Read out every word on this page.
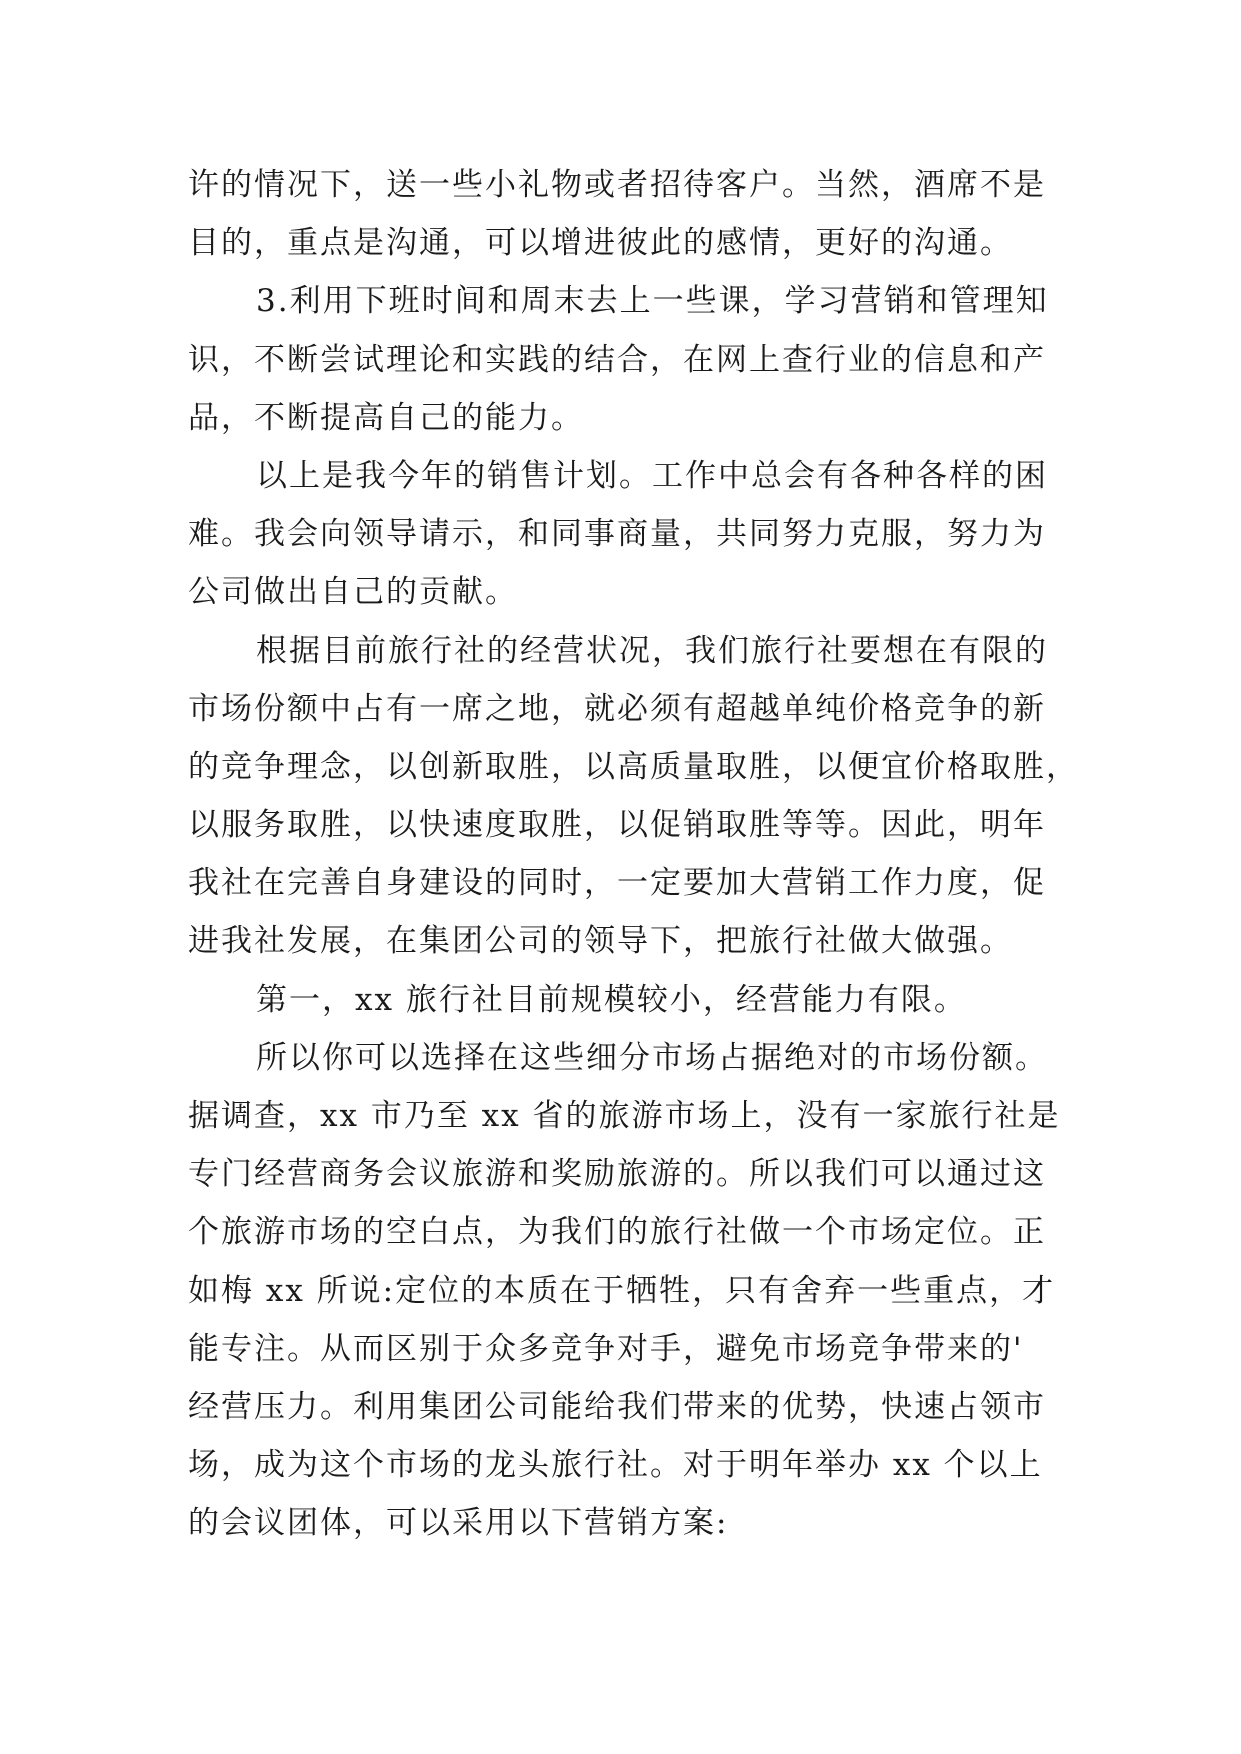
许的情况下，送一些小礼物或者招待客户。当然，酒席不是
目的，重点是沟通，可以增进彼此的感情，更好的沟通。
3.利用下班时间和周末去上一些课，学习营销和管理知
识，不断尝试理论和实践的结合，在网上查行业的信息和产
品，不断提高自己的能力。
以上是我今年的销售计划。工作中总会有各种各样的困
难。我会向领导请示，和同事商量，共同努力克服，努力为
公司做出自己的贡献。
根据目前旅行社的经营状况，我们旅行社要想在有限的
市场份额中占有一席之地，就必须有超越单纯价格竞争的新
的竞争理念，以创新取胜，以高质量取胜，以便宜价格取胜，
以服务取胜，以快速度取胜，以促销取胜等等。因此，明年
我社在完善自身建设的同时，一定要加大营销工作力度，促
进我社发展，在集团公司的领导下，把旅行社做大做强。
第一，xx 旅行社目前规模较小，经营能力有限。
所以你可以选择在这些细分市场占据绝对的市场份额。
据调查，xx 市乃至 xx 省的旅游市场上，没有一家旅行社是
专门经营商务会议旅游和奖励旅游的。所以我们可以通过这
个旅游市场的空白点，为我们的旅行社做一个市场定位。正
如梅 xx 所说:定位的本质在于牺牲，只有舍弃一些重点，才
能专注。从而区别于众多竞争对手，避免市场竞争带来的'
经营压力。利用集团公司能给我们带来的优势，快速占领市
场，成为这个市场的龙头旅行社。对于明年举办 xx 个以上
的会议团体，可以采用以下营销方案:
